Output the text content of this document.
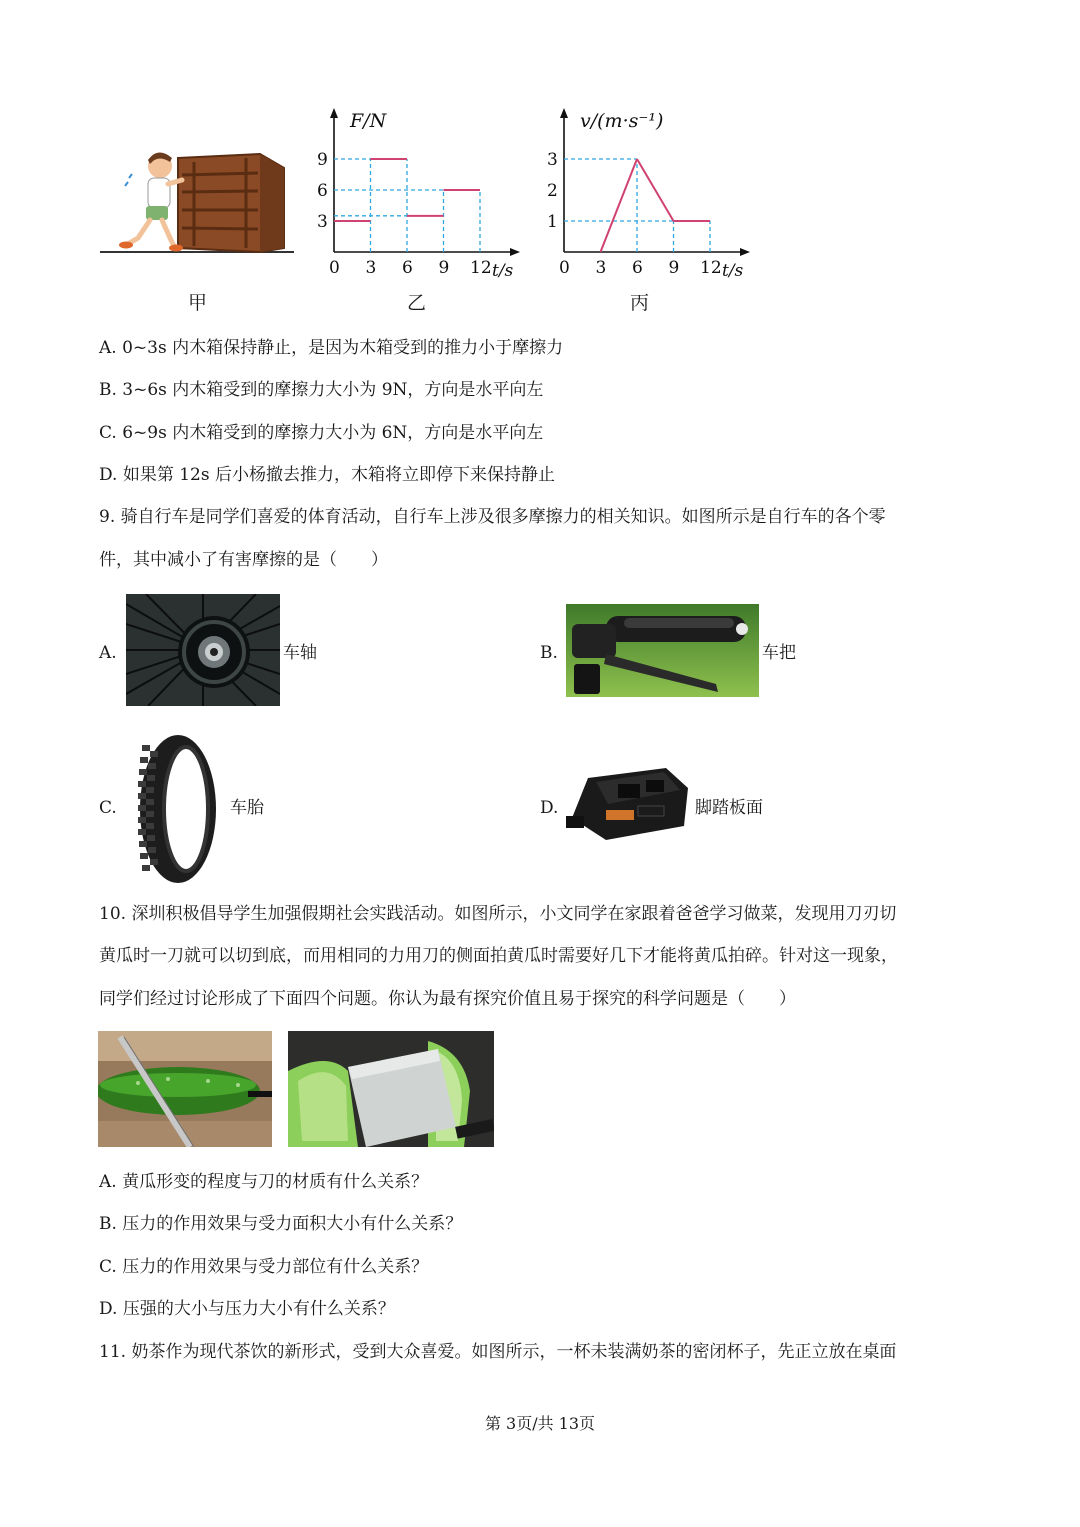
甲
F/N
t/s
0 3 6 9 12
3
6
9
乙
v/(m·s⁻¹)
t/s
0 3 6 9 12
1
2
3
丙
A. 0~3s 内木箱保持静止，是因为木箱受到的推力小于摩擦力
B. 3~6s 内木箱受到的摩擦力大小为 9N，方向是水平向左
C. 6~9s 内木箱受到的摩擦力大小为 6N，方向是水平向左
D. 如果第 12s 后小杨撤去推力，木箱将立即停下来保持静止
9. 骑自行车是同学们喜爱的体育活动，自行车上涉及很多摩擦力的相关知识。如图所示是自行车的各个零
件，其中减小了有害摩擦的是（　　）
A.	车轴	B.	车把
C.	车胎	D.	脚踏板面
10. 深圳积极倡导学生加强假期社会实践活动。如图所示，小文同学在家跟着爸爸学习做菜，发现用刀刃切
黄瓜时一刀就可以切到底，而用相同的力用刀的侧面拍黄瓜时需要好几下才能将黄瓜拍碎。针对这一现象，
同学们经过讨论形成了下面四个问题。你认为最有探究价值且易于探究的科学问题是（　　）
A. 黄瓜形变的程度与刀的材质有什么关系？
B. 压力的作用效果与受力面积大小有什么关系？
C. 压力的作用效果与受力部位有什么关系？
D. 压强的大小与压力大小有什么关系？
11. 奶茶作为现代茶饮的新形式，受到大众喜爱。如图所示，一杯未装满奶茶的密闭杯子，先正立放在桌面
第 3页/共 13页
